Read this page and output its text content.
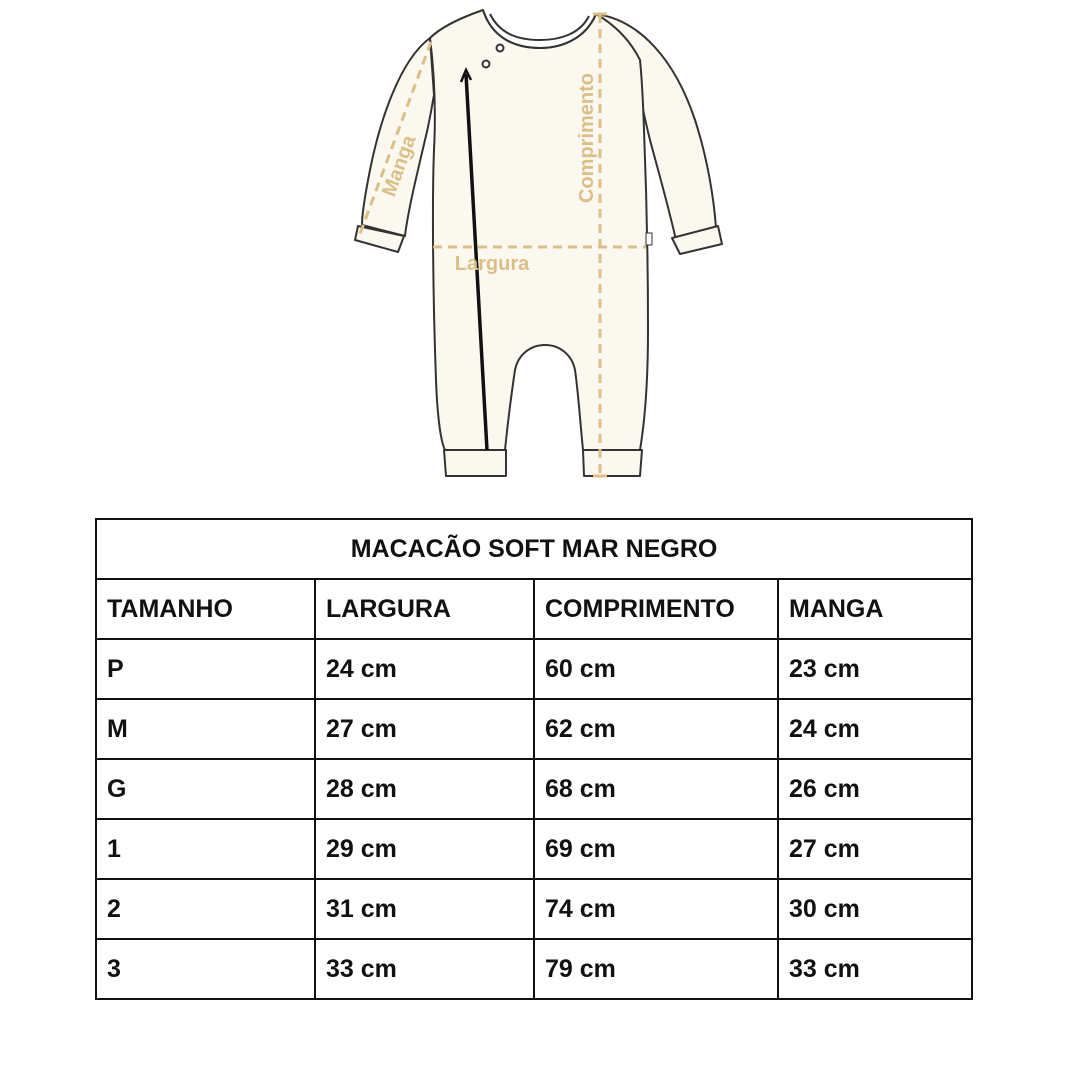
Manga	Comprimento
Largura
MACACÃO SOFT MAR NEGRO			
TAMANHO	LARGURA	COMPRIMENTO	MANGA
P	24 cm	60 cm	23 cm
M	27 cm	62 cm	24 cm
G	28 cm	68 cm	26 cm
1	29 cm	69 cm	27 cm
2	31 cm	74 cm	30 cm
3	33 cm	79 cm	33 cm
